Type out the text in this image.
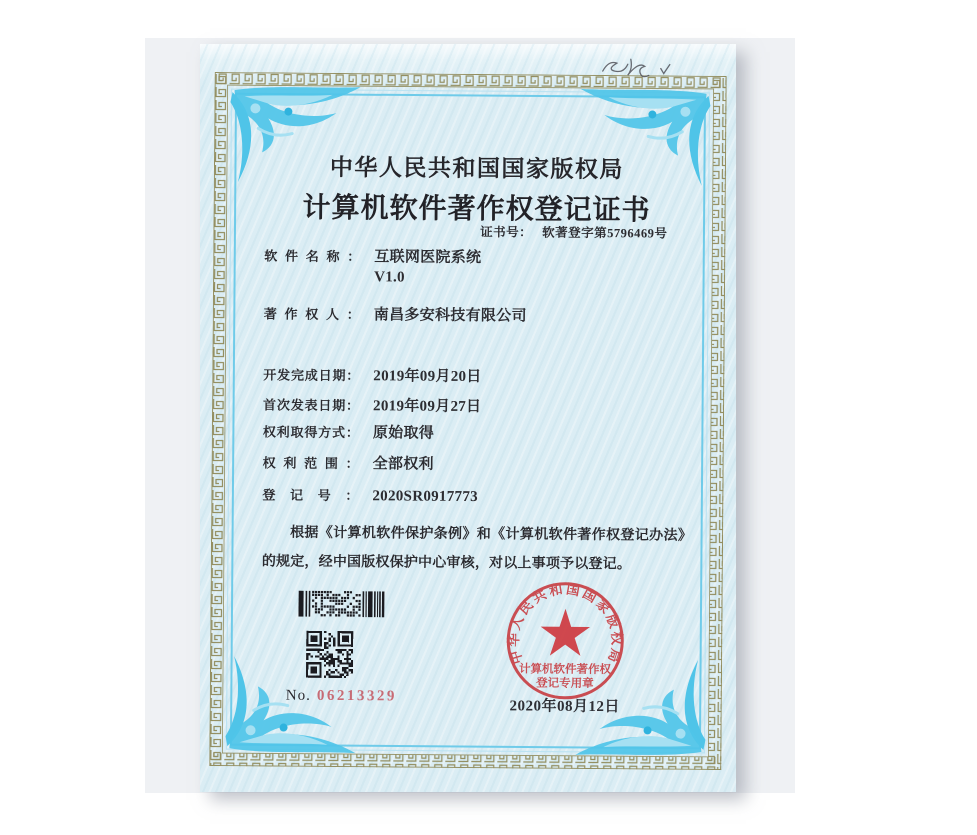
中华人民共和国国家版权局
计算机软件著作权登记证书
证书号： 软著登字第5796469号
软件名称： 互联网医院系统
V1.0
著作权人： 南昌多安科技有限公司
开发完成日期： 2019年09月20日
首次发表日期： 2019年09月27日
权利取得方式： 原始取得
权利范围： 全部权利
登记号： 2020SR0917773
根据《计算机软件保护条例》和《计算机软件著作权登记办法》的规定，经中国版权保护中心审核，对以上事项予以登记。
No. 06213329
中华人民共和国国家版权局
计算机软件著作权
登记专用章
2020年08月12日
